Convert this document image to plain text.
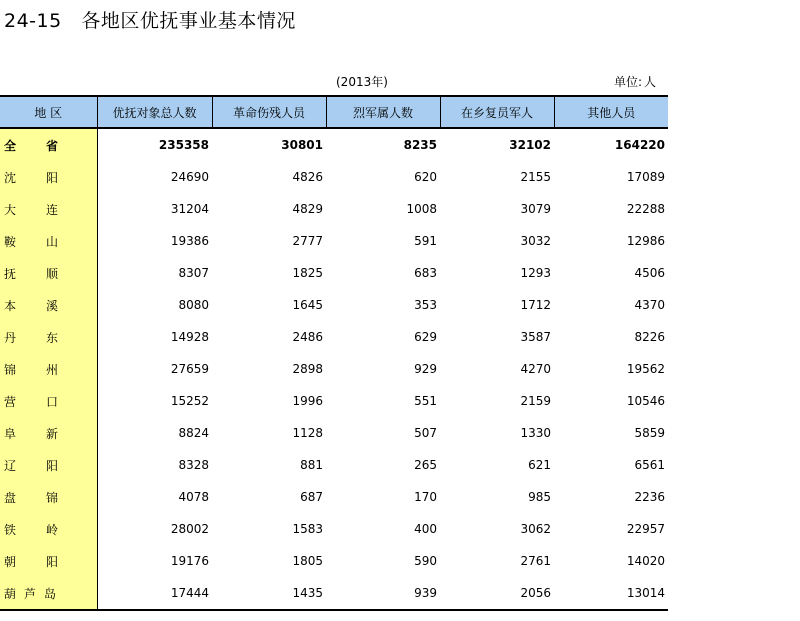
24-15   各地区优抚事业基本情况
(2013年)	单位: 人
地 区	优抚对象总人数	革命伤残人员	烈军属人数	在乡复员军人	其他人员
全省	235358	30801	8235	32102	164220
沈阳	24690	4826	620	2155	17089
大连	31204	4829	1008	3079	22288
鞍山	19386	2777	591	3032	12986
抚顺	8307	1825	683	1293	4506
本溪	8080	1645	353	1712	4370
丹东	14928	2486	629	3587	8226
锦州	27659	2898	929	4270	19562
营口	15252	1996	551	2159	10546
阜新	8824	1128	507	1330	5859
辽阳	8328	881	265	621	6561
盘锦	4078	687	170	985	2236
铁岭	28002	1583	400	3062	22957
朝阳	19176	1805	590	2761	14020
葫芦岛	17444	1435	939	2056	13014
